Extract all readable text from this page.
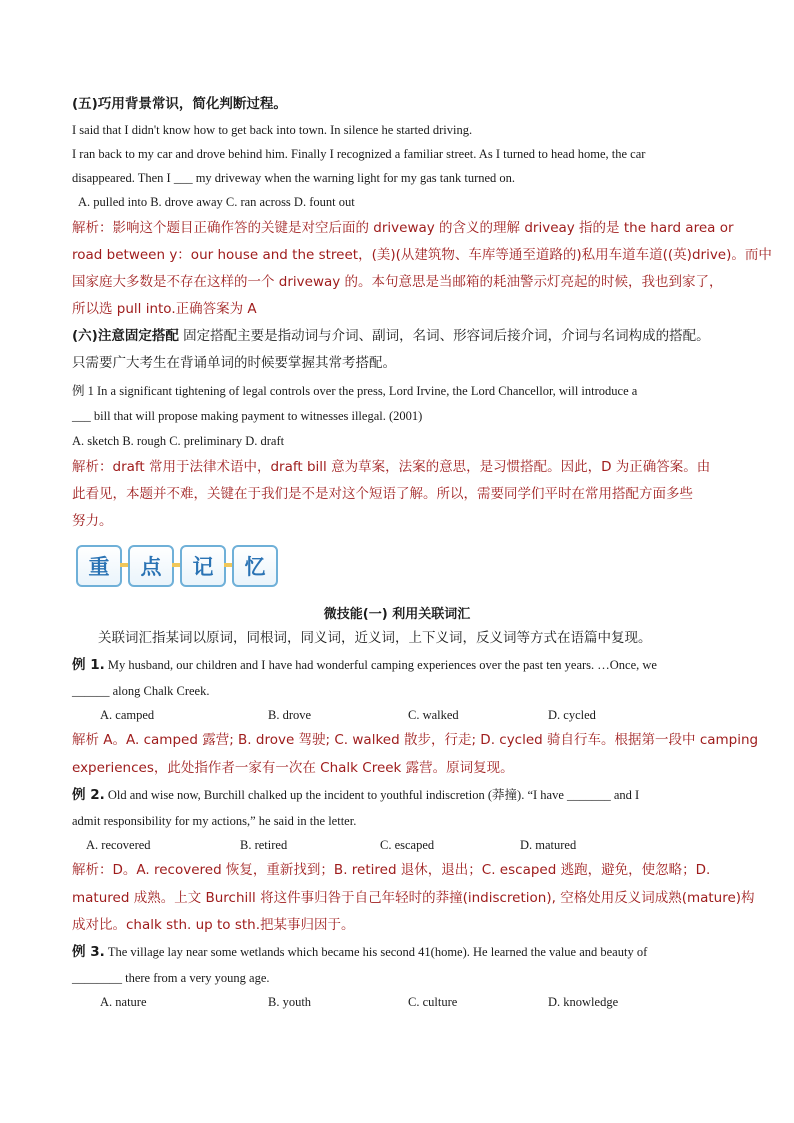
(五)巧用背景常识，简化判断过程。
I said that I didn't know how to get back into town. In silence he started driving.
I ran back to my car and drove behind him. Finally I recognized a familiar street. As I turned to head home, the car
disappeared. Then I ___ my driveway when the warning light for my gas tank turned on.
A. pulled into B. drove away C. ran across D. fount out
解析：影响这个题目正确作答的关键是对空后面的 driveway 的含义的理解 driveay 指的是 the hard area or
road between y：our house and the street，(美)(从建筑物、车库等通至道路的)私用车道车道((英)drive)。而中
国家庭大多数是不存在这样的一个 driveway 的。本句意思是当邮箱的耗油警示灯亮起的时候，我也到家了，
所以选 pull into.正确答案为 A
(六)注意固定搭配 固定搭配主要是指动词与介词、副词，名词、形容词后接介词，介词与名词构成的搭配。
只需要广大考生在背诵单词的时候要掌握其常考搭配。
例 1 In a significant tightening of legal controls over the press, Lord Irvine, the Lord Chancellor, will introduce a
___ bill that will propose making payment to witnesses illegal. (2001)
A. sketch B. rough C. preliminary D. draft
解析：draft 常用于法律术语中，draft bill 意为草案，法案的意思，是习惯搭配。因此，D 为正确答案。由
此看见，本题并不难，关键在于我们是不是对这个短语了解。所以，需要同学们平时在常用搭配方面多些
努力。
重	点	记	忆
微技能(一) 利用关联词汇
关联词汇指某词以原词，同根词，同义词，近义词，上下义词，反义词等方式在语篇中复现。
例 1. My husband, our children and I have had wonderful camping experiences over the past ten years. …Once, we
______ along Chalk Creek.
A. camped	B. drove	C. walked	D. cycled
解析 A。A. camped 露营; B. drove 驾驶; C. walked 散步，行走; D. cycled 骑自行车。根据第一段中 camping
experiences，此处指作者一家有一次在 Chalk Creek 露营。原词复现。
例 2. Old and wise now, Burchill chalked up the incident to youthful indiscretion (莽撞). “I have _______ and I
admit responsibility for my actions,” he said in the letter.
A. recovered	B. retired	C. escaped	D. matured
解析：D。A. recovered 恢复，重新找到；B. retired 退休，退出；C. escaped 逃跑，避免，使忽略；D.
matured 成熟。上文 Burchill 将这件事归咎于自己年轻时的莽撞(indiscretion), 空格处用反义词成熟(mature)构
成对比。chalk sth. up to sth.把某事归因于。
例 3. The village lay near some wetlands which became his second 41(home). He learned the value and beauty of
________ there from a very young age.
A. nature	B. youth	C. culture	D. knowledge
